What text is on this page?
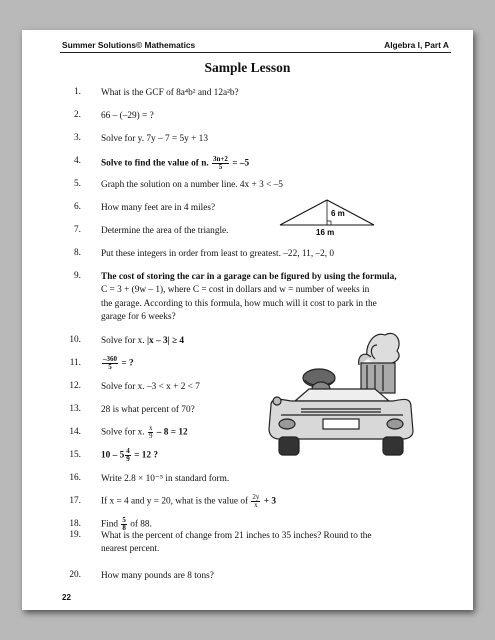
Summer Solutions© Mathematics	Algebra I, Part A
Sample Lesson
1. What is the GCF of 8a⁴b² and 12a²b?
2. 66 – (–29) = ?
3. Solve for y. 7y – 7 = 5y + 13
4. Solve to find the value of n. $\frac{3n+2}{5} = -5$
5. Graph the solution on a number line. 4x + 3 < –5
6. How many feet are in 4 miles?
7. Determine the area of the triangle.
8. Put these integers in order from least to greatest. –22, 11, –2, 0
9. The cost of storing the car in a garage can be figured by using the formula,
C = 3 + (9w – 1), where C = cost in dollars and w = number of weeks in
the garage. According to this formula, how much will it cost to park in the
garage for 6 weeks?
10. Solve for x. |x – 3| ≥ 4
11.	$\frac{-360}{5}$ = ?
12. Solve for x. –3 < x + 2 < 7
13. 28 is what percent of 70?
14. Solve for x. $\frac{x}{9} - 8 = 12$
15. $10 - 5 \frac{4}{9} = 12$ ?
16. Write 2.8 × 10⁻⁵ in standard form.
17. If x = 4 and y = 20, what is the value of $\frac{2y}{x} + 3$
18. Find $\frac{5}{8}$ of 88.
19. What is the percent of change from 21 inches to 35 inches? Round to the
nearest percent.
20. How many pounds are 8 tons?
6 m
16 m
22
